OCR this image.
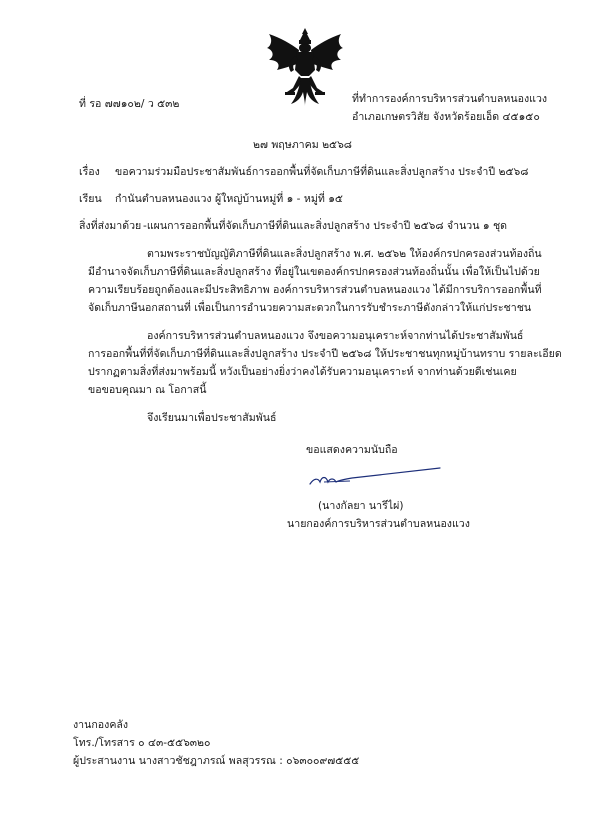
ที่ รอ ๗๗๑๐๒/ ว ๕๓๒	ที่ทำการองค์การบริหารส่วนตำบลหนองแวง
อำเภอเกษตรวิสัย จังหวัดร้อยเอ็ด ๔๕๑๕๐
๒๗ พฤษภาคม ๒๕๖๘
เรื่อง ขอความร่วมมือประชาสัมพันธ์การออกพื้นที่จัดเก็บภาษีที่ดินและสิ่งปลูกสร้าง ประจำปี ๒๕๖๘
เรียน กำนันตำบลหนองแวง ผู้ใหญ่บ้านหมู่ที่ ๑ - หมู่ที่ ๑๕
สิ่งที่ส่งมาด้วย -แผนการออกพื้นที่จัดเก็บภาษีที่ดินและสิ่งปลูกสร้าง ประจำปี ๒๕๖๘ จำนวน ๑ ชุด
ตามพระราชบัญญัติภาษีที่ดินและสิ่งปลูกสร้าง พ.ศ. ๒๕๖๒ ให้องค์กรปกครองส่วนท้องถิ่น
มีอำนาจจัดเก็บภาษีที่ดินและสิ่งปลูกสร้าง ที่อยู่ในเขตองค์กรปกครองส่วนท้องถิ่นนั้น เพื่อให้เป็นไปด้วย
ความเรียบร้อยถูกต้องและมีประสิทธิภาพ องค์การบริหารส่วนตำบลหนองแวง ได้มีการบริการออกพื้นที่
จัดเก็บภาษีนอกสถานที่ เพื่อเป็นการอำนวยความสะดวกในการรับชำระภาษีดังกล่าวให้แก่ประชาชน
องค์การบริหารส่วนตำบลหนองแวง จึงขอความอนุเคราะห์จากท่านได้ประชาสัมพันธ์
การออกพื้นที่ที่จัดเก็บภาษีที่ดินและสิ่งปลูกสร้าง ประจำปี ๒๕๖๘ ให้ประชาชนทุกหมู่บ้านทราบ รายละเอียด
ปรากฏตามสิ่งที่ส่งมาพร้อมนี้ หวังเป็นอย่างยิ่งว่าคงได้รับความอนุเคราะห์ จากท่านด้วยดีเช่นเคย
ขอขอบคุณมา ณ โอกาสนี้
จึงเรียนมาเพื่อประชาสัมพันธ์
ขอแสดงความนับถือ
(นางกัลยา นารีไผ่)
นายกองค์การบริหารส่วนตำบลหนองแวง
งานกองคลัง
โทร./โทรสาร ๐ ๔๓-๕๕๖๓๒๐
ผู้ประสานงาน นางสาวชัชฎาภรณ์ พลสุวรรณ : ๐๖๓๐๐๙๗๕๕๕
